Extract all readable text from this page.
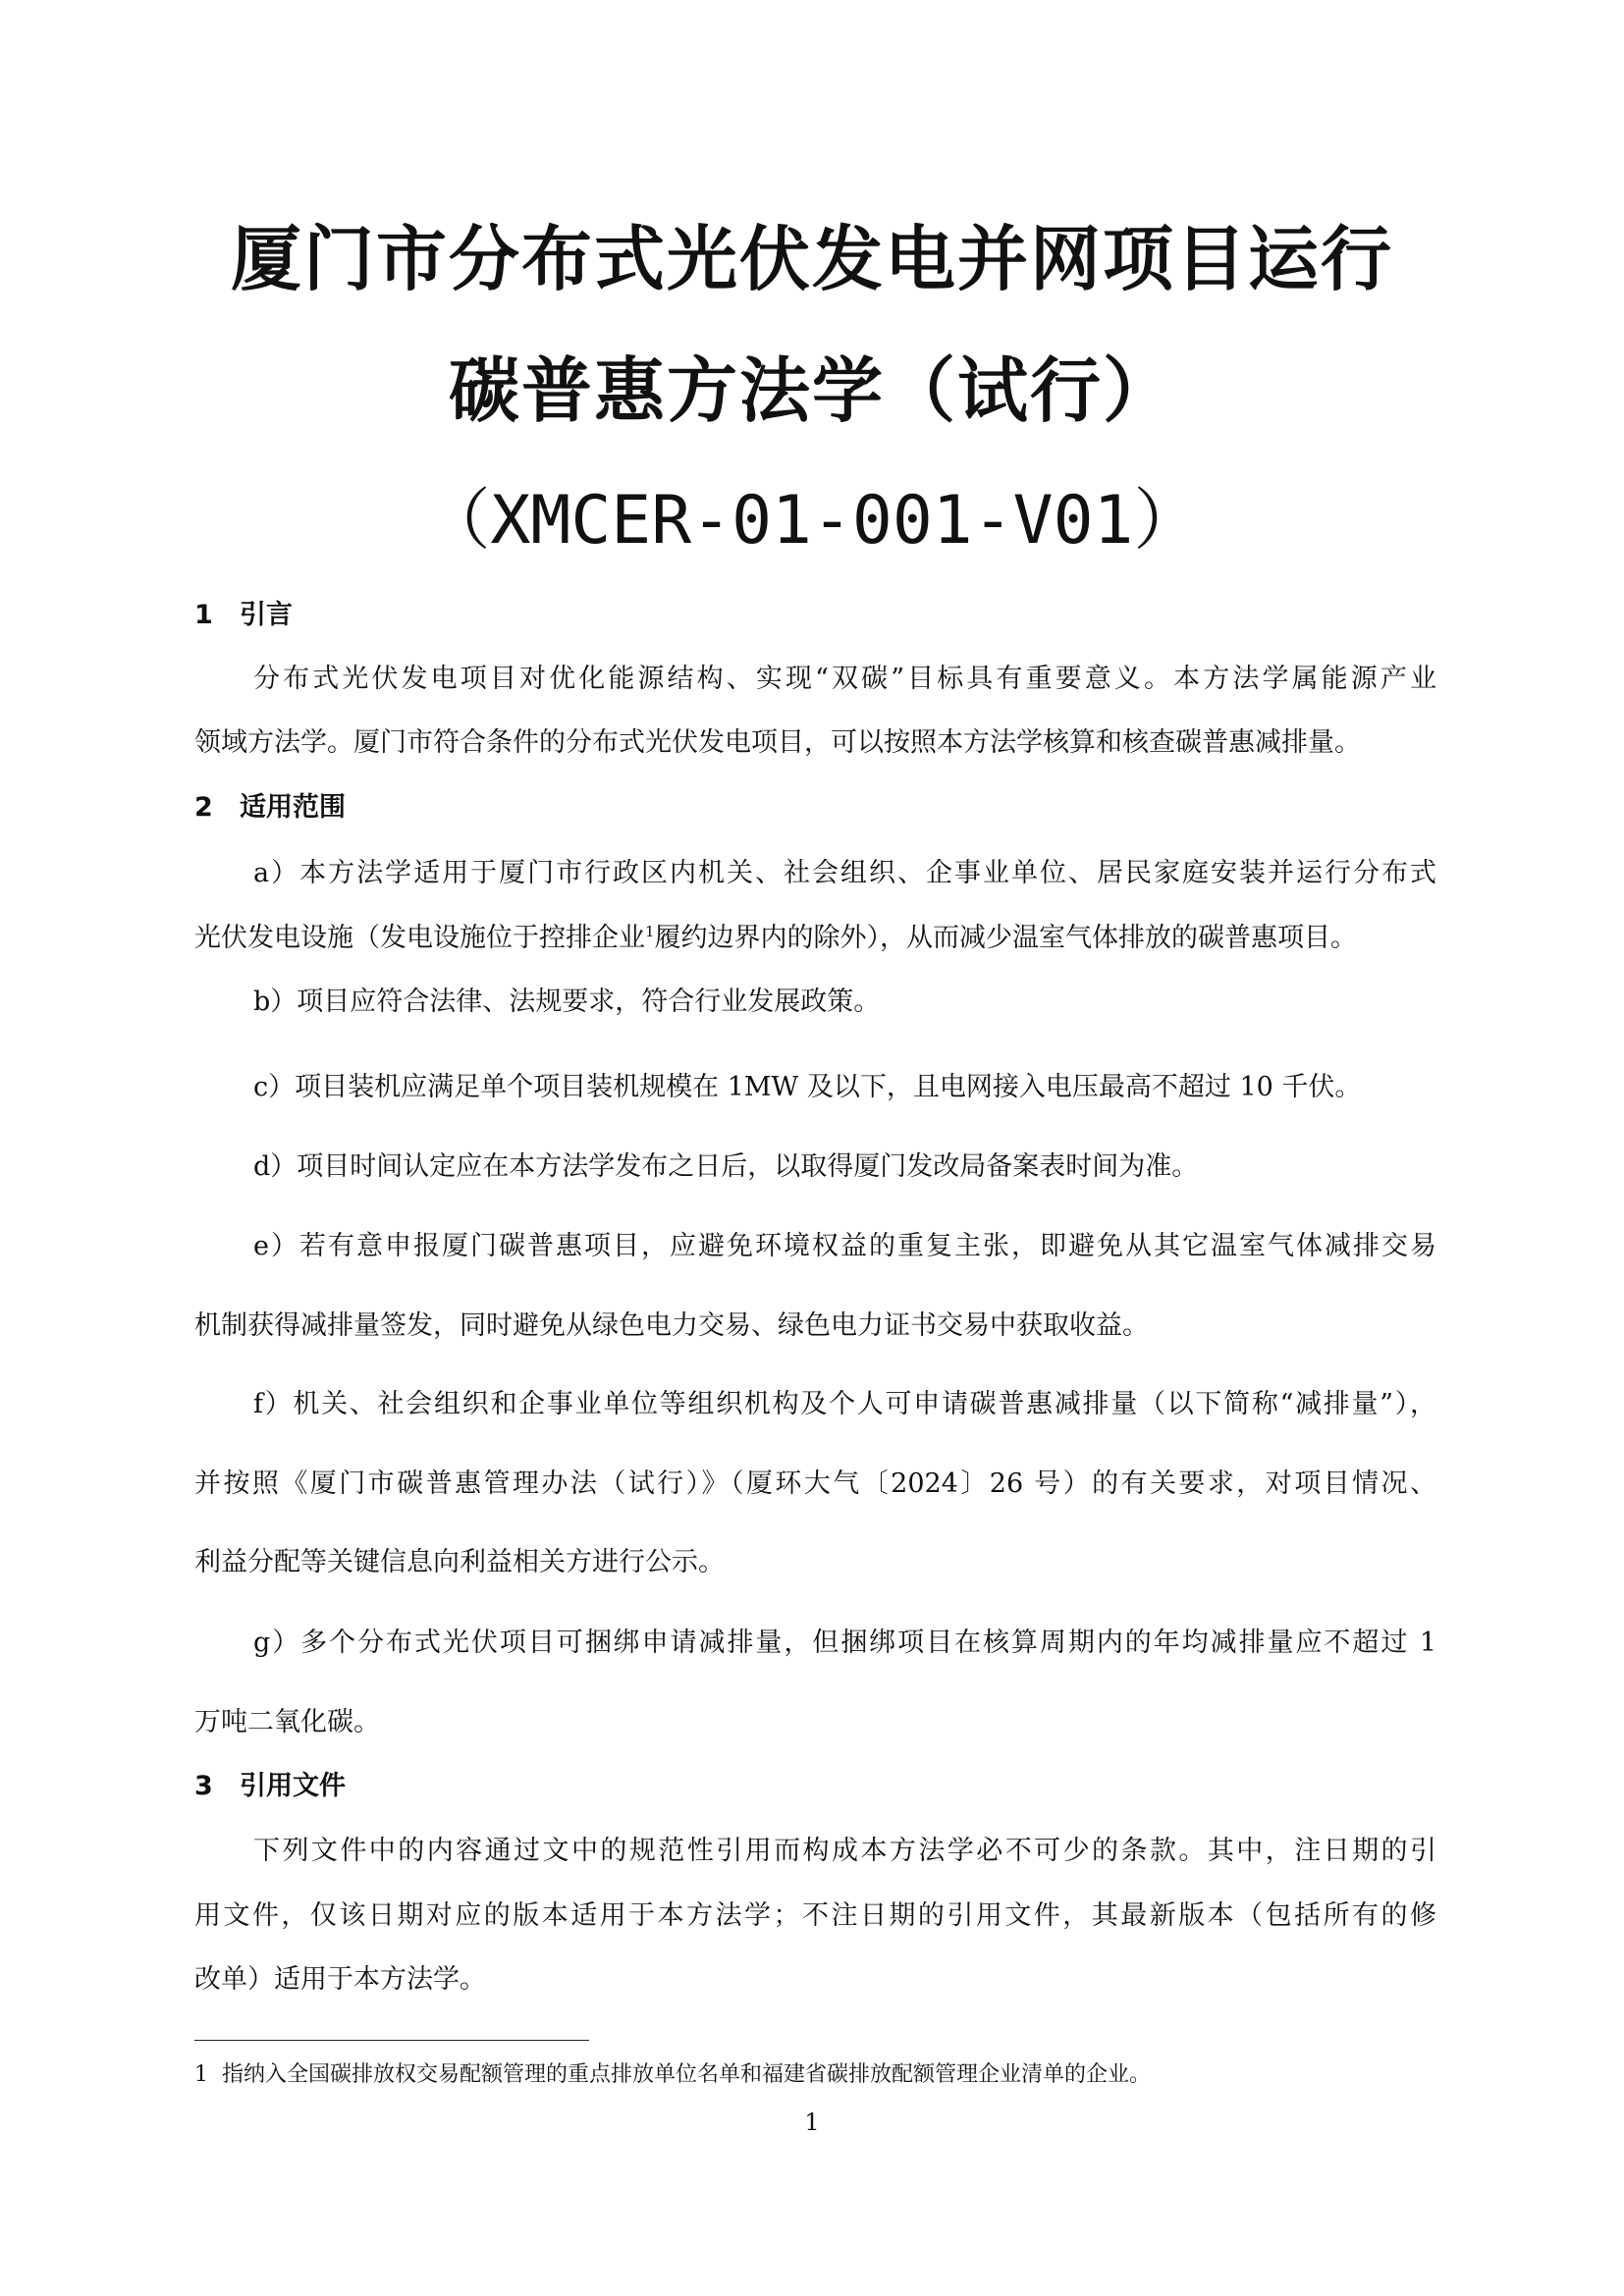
厦门市分布式光伏发电并网项目运行
碳普惠方法学（试行）
（XMCER-01-001-V01）
1 引言
分布式光伏发电项目对优化能源结构、实现“双碳”目标具有重要意义。本方法学属能源产业
领域方法学。厦门市符合条件的分布式光伏发电项目，可以按照本方法学核算和核查碳普惠减排量。
2 适用范围
a）本方法学适用于厦门市行政区内机关、社会组织、企事业单位、居民家庭安装并运行分布式
光伏发电设施（发电设施位于控排企业$^1$履约边界内的除外），从而减少温室气体排放的碳普惠项目。
b）项目应符合法律、法规要求，符合行业发展政策。
c）项目装机应满足单个项目装机规模在 1MW 及以下，且电网接入电压最高不超过 10 千伏。
d）项目时间认定应在本方法学发布之日后，以取得厦门发改局备案表时间为准。
e）若有意申报厦门碳普惠项目，应避免环境权益的重复主张，即避免从其它温室气体减排交易
机制获得减排量签发，同时避免从绿色电力交易、绿色电力证书交易中获取收益。
f）机关、社会组织和企事业单位等组织机构及个人可申请碳普惠减排量（以下简称“减排量”），
并按照《厦门市碳普惠管理办法（试行）》（厦环大气〔2024〕26 号）的有关要求，对项目情况、
利益分配等关键信息向利益相关方进行公示。
g）多个分布式光伏项目可捆绑申请减排量，但捆绑项目在核算周期内的年均减排量应不超过 1
万吨二氧化碳。
3 引用文件
下列文件中的内容通过文中的规范性引用而构成本方法学必不可少的条款。其中，注日期的引
用文件，仅该日期对应的版本适用于本方法学；不注日期的引用文件，其最新版本（包括所有的修
改单）适用于本方法学。
1 指纳入全国碳排放权交易配额管理的重点排放单位名单和福建省碳排放配额管理企业清单的企业。
1
